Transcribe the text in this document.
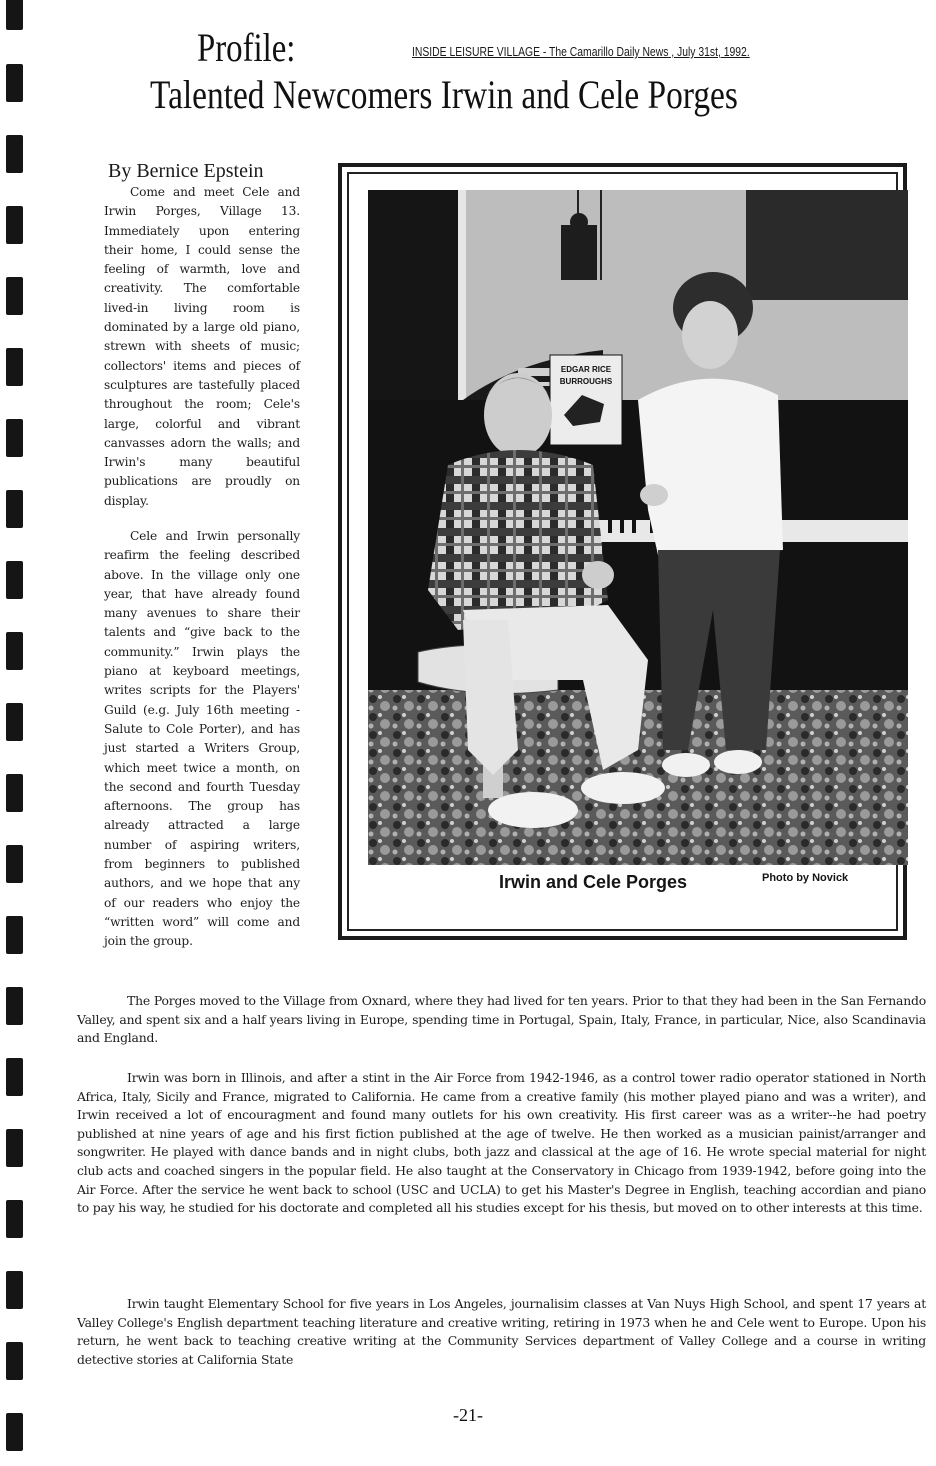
Profile:	INSIDE LEISURE VILLAGE - The Camarillo Daily News , July 31st, 1992.
Talented Newcomers Irwin and Cele Porges
By Bernice Epstein

Come and meet Cele and Irwin Porges, Village 13. Immediately upon entering their home, I could sense the feeling of warmth, love and creativity. The comfortable lived-in living room is dominated by a large old piano, strewn with sheets of music; collectors' items and pieces of sculptures are tastefully placed throughout the room; Cele's large, colorful and vibrant canvasses adorn the walls; and Irwin's many beautiful publications are proudly on display.

Cele and Irwin personally reafirm the feeling described above. In the village only one year, that have already found many avenues to share their talents and “give back to the community.” Irwin plays the piano at keyboard meetings, writes scripts for the Players' Guild (e.g. July 16th meeting - Salute to Cole Porter), and has just started a Writers Group, which meet twice a month, on the second and fourth Tuesday afternoons. The group has already attracted a large number of aspiring writers, from beginners to published authors, and we hope that any of our readers who enjoy the “written word” will come and join the group.

EDGAR RICE
BURROUGHS
Irwin and Cele Porges	Photo by Novick

The Porges moved to the Village from Oxnard, where they had lived for ten years. Prior to that they had been in the San Fernando Valley, and spent six and a half years living in Europe, spending time in Portugal, Spain, Italy, France, in particular, Nice, also Scandinavia and England.

Irwin was born in Illinois, and after a stint in the Air Force from 1942-1946, as a control tower radio operator stationed in North Africa, Italy, Sicily and France, migrated to California. He came from a creative family (his mother played piano and was a writer), and Irwin received a lot of encouragment and found many outlets for his own creativity. His first career was as a writer--he had poetry published at nine years of age and his first fiction published at the age of twelve. He then worked as a musician painist/arranger and songwriter. He played with dance bands and in night clubs, both jazz and classical at the age of 16. He wrote special material for night club acts and coached singers in the popular field. He also taught at the Conservatory in Chicago from 1939-1942, before going into the Air Force. After the service he went back to school (USC and UCLA) to get his Master's Degree in English, teaching accordian and piano to pay his way, he studied for his doctorate and completed all his studies except for his thesis, but moved on to other interests at this time.

Irwin taught Elementary School for five years in Los Angeles, journalisim classes at Van Nuys High School, and spent 17 years at Valley College's English department teaching literature and creative writing, retiring in 1973 when he and Cele went to Europe. Upon his return, he went back to teaching creative writing at the Community Services department of Valley College and a course in writing detective stories at California State

-21-
